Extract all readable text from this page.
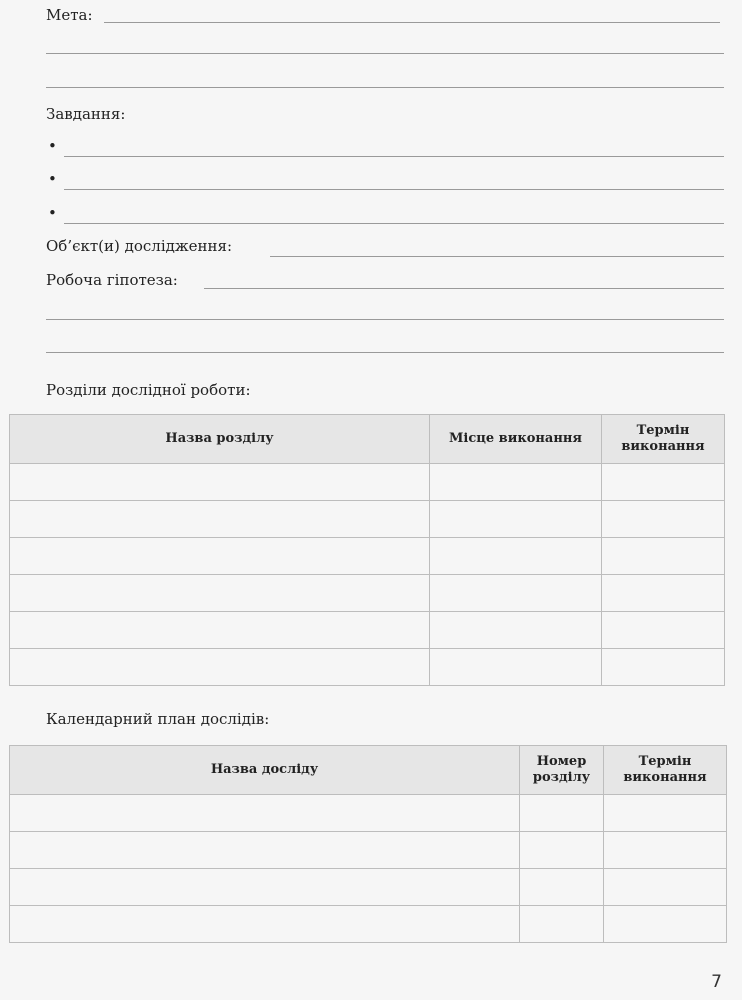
Мета:
Завдання:
•
•
•
Об’єкт(и) дослідження:
Робоча гіпотеза:
Розділи дослідної роботи:
Назва розділу	Місце виконання	Термін виконання

Календарний план дослідів:
Назва досліду	Номер розділу	Термін виконання

7
